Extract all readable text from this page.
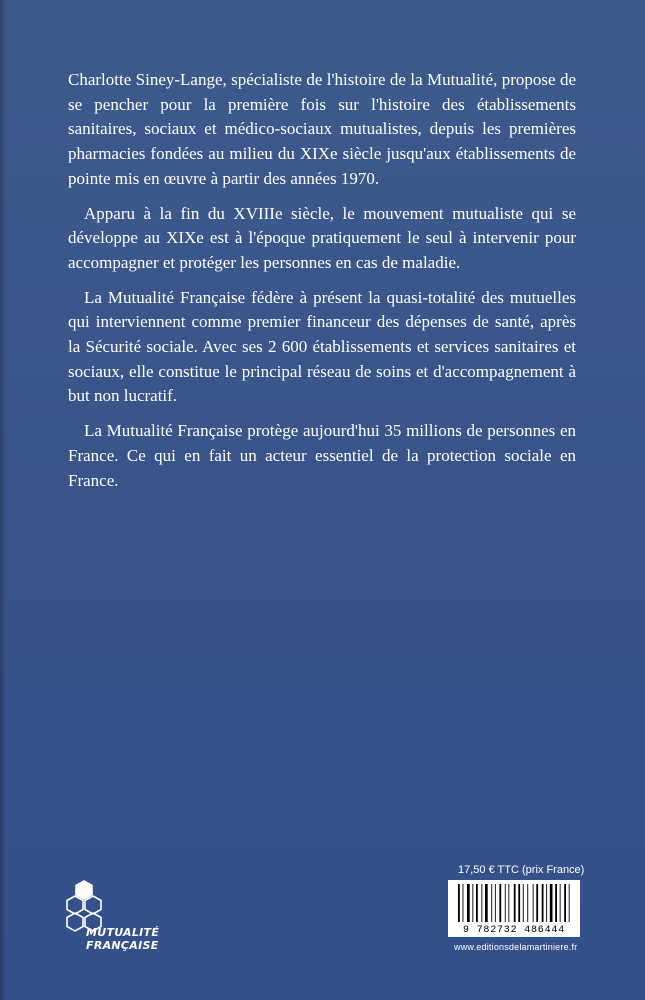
Charlotte Siney-Lange, spécialiste de l'histoire de la Mutualité, propose de se pencher pour la première fois sur l'histoire des établissements sanitaires, sociaux et médico-sociaux mutualistes, depuis les premières pharmacies fondées au milieu du XIXe siècle jusqu'aux établissements de pointe mis en œuvre à partir des années 1970.

Apparu à la fin du XVIIIe siècle, le mouvement mutualiste qui se développe au XIXe est à l'époque pratiquement le seul à intervenir pour accompagner et protéger les personnes en cas de maladie.

La Mutualité Française fédère à présent la quasi-totalité des mutuelles qui interviennent comme premier financeur des dépenses de santé, après la Sécurité sociale. Avec ses 2 600 établissements et services sanitaires et sociaux, elle constitue le principal réseau de soins et d'accompagnement à but non lucratif.

La Mutualité Française protège aujourd'hui 35 millions de personnes en France. Ce qui en fait un acteur essentiel de la protection sociale en France.

MUTUALITÉ
FRANÇAISE
17,50 € TTC (prix France)
9 782732 486444
www.editionsdelamartiniere.fr
